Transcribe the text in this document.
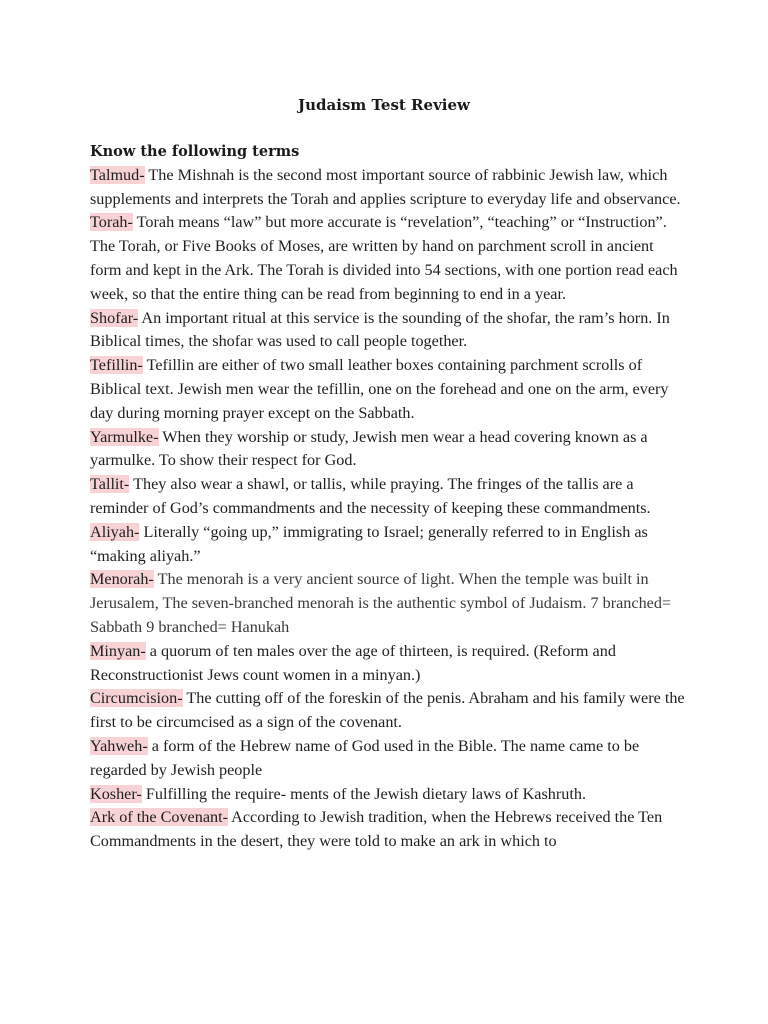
Judaism Test Review

Know the following terms

Talmud- The Mishnah is the second most important source of rabbinic Jewish law, which supplements and interprets the Torah and applies scripture to everyday life and observance.

Torah- Torah means “law” but more accurate is “revelation”, “teaching” or “Instruction”. The Torah, or Five Books of Moses, are written by hand on parchment scroll in ancient form and kept in the Ark. The Torah is divided into 54 sections, with one portion read each week, so that the entire thing can be read from beginning to end in a year.

Shofar- An important ritual at this service is the sounding of the shofar, the ram’s horn. In Biblical times, the shofar was used to call people together.

Tefillin- Tefillin are either of two small leather boxes containing parchment scrolls of Biblical text. Jewish men wear the tefillin, one on the forehead and one on the arm, every day during morning prayer except on the Sabbath.

Yarmulke- When they worship or study, Jewish men wear a head covering known as a yarmulke. To show their respect for God.

Tallit- They also wear a shawl, or tallis, while praying. The fringes of the tallis are a reminder of God’s commandments and the necessity of keeping these commandments.

Aliyah- Literally “going up,” immigrating to Israel; generally referred to in English as “making aliyah.”

Menorah- The menorah is a very ancient source of light. When the temple was built in Jerusalem, The seven-branched menorah is the authentic symbol of Judaism. 7 branched= Sabbath 9 branched= Hanukah

Minyan- a quorum of ten males over the age of thirteen, is required. (Reform and Reconstructionist Jews count women in a minyan.)

Circumcision- The cutting off of the foreskin of the penis. Abraham and his family were the first to be circumcised as a sign of the covenant.

Yahweh- a form of the Hebrew name of God used in the Bible. The name came to be regarded by Jewish people

Kosher- Fulfilling the require- ments of the Jewish dietary laws of Kashruth.

Ark of the Covenant- According to Jewish tradition, when the Hebrews received the Ten Commandments in the desert, they were told to make an ark in which to
